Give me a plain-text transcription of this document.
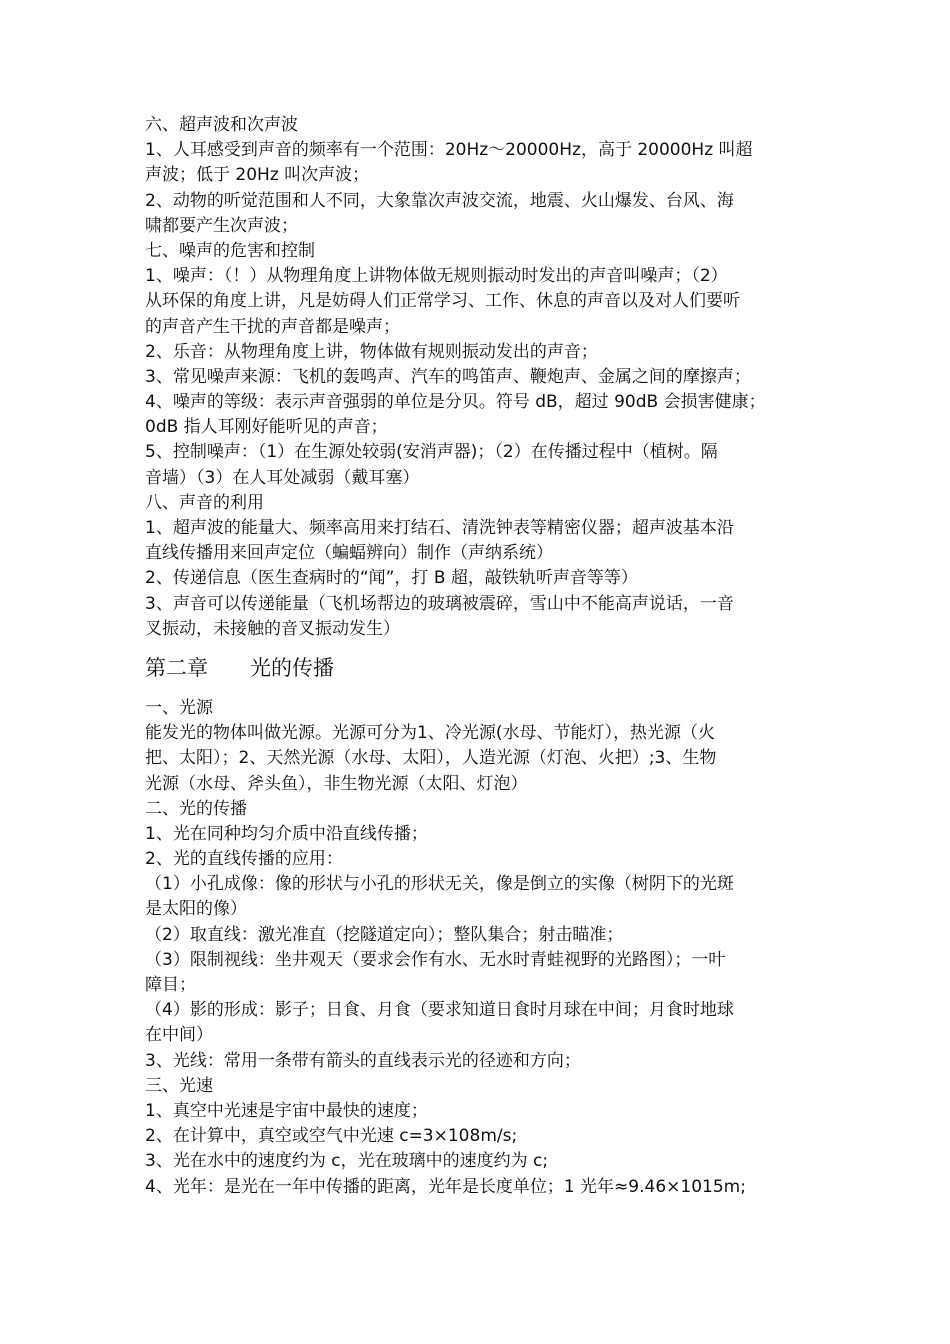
六、超声波和次声波
1、人耳感受到声音的频率有一个范围：20Hz～20000Hz，高于 20000Hz 叫超
声波；低于 20Hz 叫次声波；
2、动物的听觉范围和人不同，大象靠次声波交流，地震、火山爆发、台风、海
啸都要产生次声波；
七、噪声的危害和控制
1、噪声：（！）从物理角度上讲物体做无规则振动时发出的声音叫噪声；（2）
从环保的角度上讲，凡是妨碍人们正常学习、工作、休息的声音以及对人们要听
的声音产生干扰的声音都是噪声；
2、乐音：从物理角度上讲，物体做有规则振动发出的声音；
3、常见噪声来源：飞机的轰鸣声、汽车的鸣笛声、鞭炮声、金属之间的摩擦声；
4、噪声的等级：表示声音强弱的单位是分贝。符号 dB，超过 90dB 会损害健康；
0dB 指人耳刚好能听见的声音；
5、控制噪声：（1）在生源处较弱(安消声器)；（2）在传播过程中（植树。隔
音墙）（3）在人耳处减弱（戴耳塞）
八、声音的利用
1、超声波的能量大、频率高用来打结石、清洗钟表等精密仪器；超声波基本沿
直线传播用来回声定位（蝙蝠辨向）制作（声纳系统）
2、传递信息（医生查病时的“闻”，打 B 超，敲铁轨听声音等等）
3、声音可以传递能量（飞机场帮边的玻璃被震碎，雪山中不能高声说话，一音
叉振动，未接触的音叉振动发生）
第二章 光的传播
一、光源
能发光的物体叫做光源。光源可分为1、冷光源(水母、节能灯），热光源（火
把、太阳）；2、天然光源（水母、太阳），人造光源（灯泡、火把）;3、生物
光源（水母、斧头鱼），非生物光源（太阳、灯泡）
二、光的传播
1、光在同种均匀介质中沿直线传播；
2、光的直线传播的应用：
（1）小孔成像：像的形状与小孔的形状无关，像是倒立的实像（树阴下的光斑
是太阳的像）
（2）取直线：激光准直（挖隧道定向）；整队集合；射击瞄准；
（3）限制视线：坐井观天（要求会作有水、无水时青蛙视野的光路图）；一叶
障目；
（4）影的形成：影子；日食、月食（要求知道日食时月球在中间；月食时地球
在中间）
3、光线：常用一条带有箭头的直线表示光的径迹和方向；
三、光速
1、真空中光速是宇宙中最快的速度；
2、在计算中，真空或空气中光速 c=3×108m/s;
3、光在水中的速度约为 c，光在玻璃中的速度约为 c;
4、光年：是光在一年中传播的距离，光年是长度单位；1 光年≈9.46×1015m;
